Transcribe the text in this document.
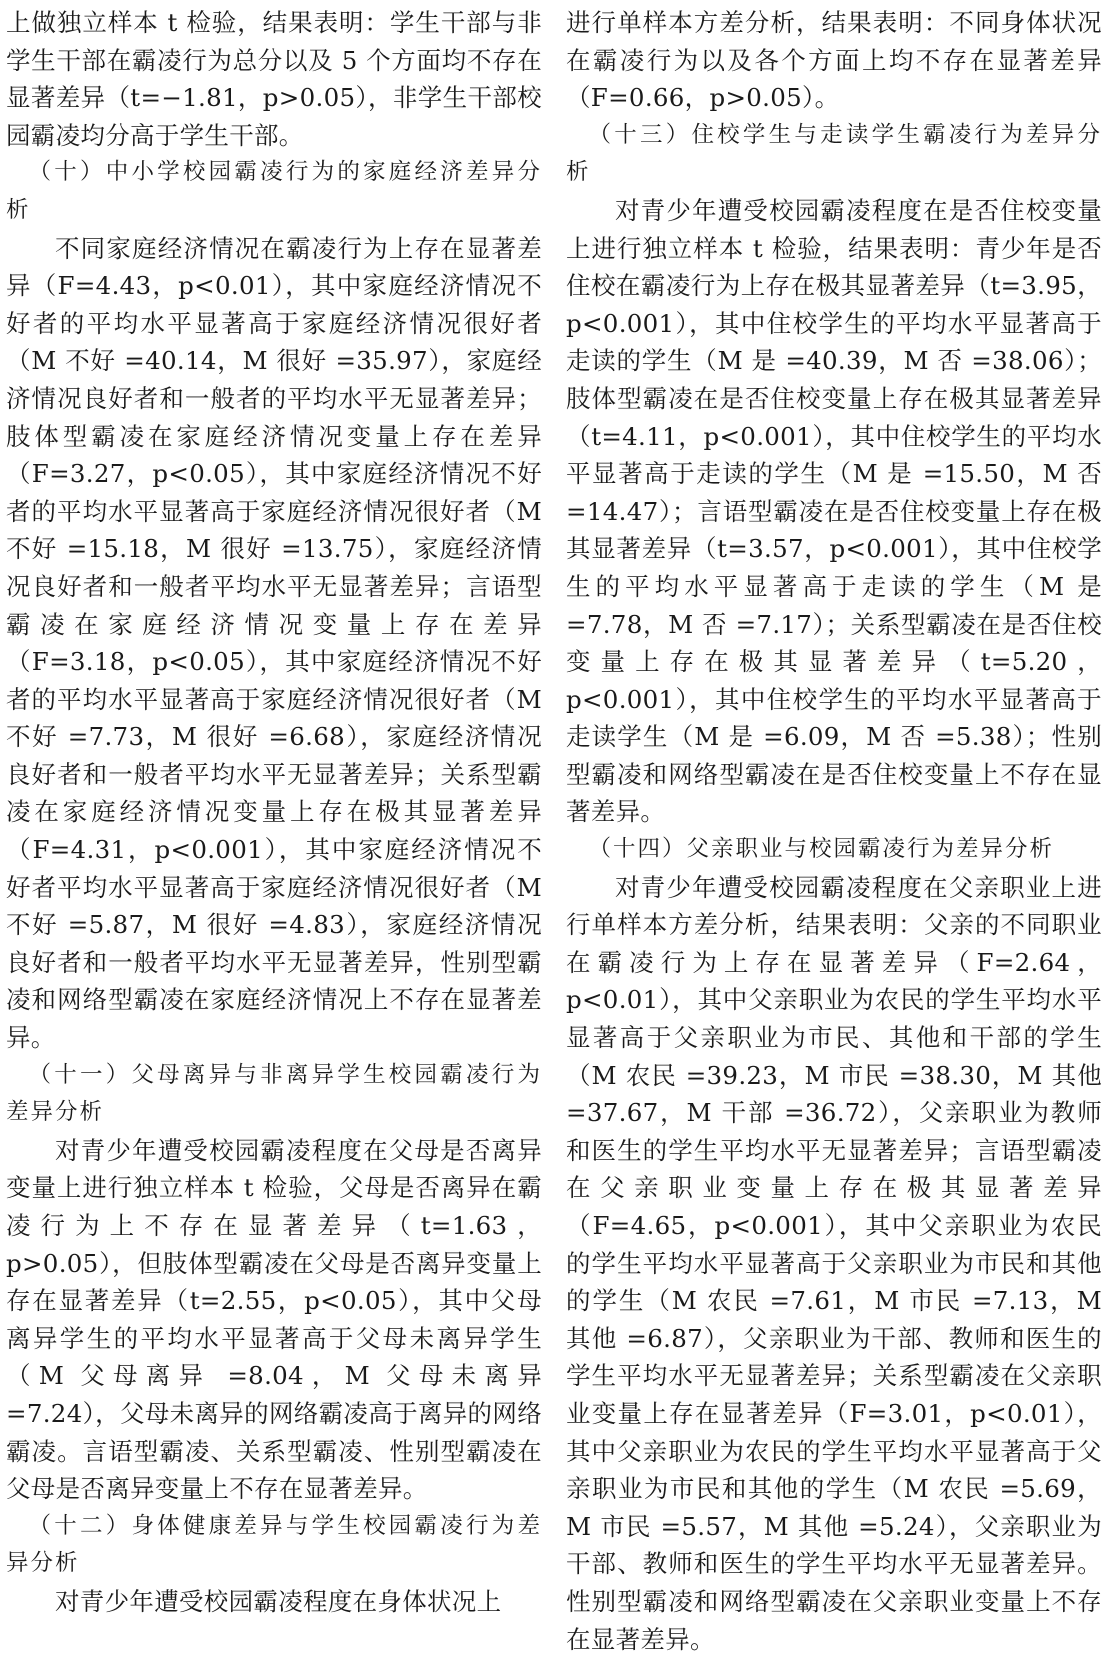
上做独立样本 t 检验，结果表明：学生干部与非学生干部在霸凌行为总分以及 5 个方面均不存在显著差异（t=−1.81，p>0.05），非学生干部校园霸凌均分高于学生干部。

（十）中小学校园霸凌行为的家庭经济差异分析

不同家庭经济情况在霸凌行为上存在显著差异（F=4.43，p<0.01），其中家庭经济情况不好者的平均水平显著高于家庭经济情况很好者（M 不好 =40.14，M 很好 =35.97），家庭经济情况良好者和一般者的平均水平无显著差异；肢体型霸凌在家庭经济情况变量上存在差异（F=3.27，p<0.05），其中家庭经济情况不好者的平均水平显著高于家庭经济情况很好者（M 不好 =15.18，M 很好 =13.75），家庭经济情况良好者和一般者平均水平无显著差异；言语型霸凌在家庭经济情况变量上存在差异（F=3.18，p<0.05），其中家庭经济情况不好者的平均水平显著高于家庭经济情况很好者（M 不好 =7.73，M 很好 =6.68），家庭经济情况良好者和一般者平均水平无显著差异；关系型霸凌在家庭经济情况变量上存在极其显著差异（F=4.31，p<0.001），其中家庭经济情况不好者平均水平显著高于家庭经济情况很好者（M 不好 =5.87，M 很好 =4.83），家庭经济情况良好者和一般者平均水平无显著差异，性别型霸凌和网络型霸凌在家庭经济情况上不存在显著差异。

（十一）父母离异与非离异学生校园霸凌行为差异分析

对青少年遭受校园霸凌程度在父母是否离异变量上进行独立样本 t 检验，父母是否离异在霸凌行为上不存在显著差异（t=1.63，p>0.05），但肢体型霸凌在父母是否离异变量上存在显著差异（t=2.55，p<0.05），其中父母离异学生的平均水平显著高于父母未离异学生（M 父母离异 =8.04，M 父母未离异 =7.24），父母未离异的网络霸凌高于离异的网络霸凌。言语型霸凌、关系型霸凌、性别型霸凌在父母是否离异变量上不存在显著差异。

（十二）身体健康差异与学生校园霸凌行为差异分析

对青少年遭受校园霸凌程度在身体状况上

进行单样本方差分析，结果表明：不同身体状况在霸凌行为以及各个方面上均不存在显著差异（F=0.66，p>0.05）。

（十三）住校学生与走读学生霸凌行为差异分析

对青少年遭受校园霸凌程度在是否住校变量上进行独立样本 t 检验，结果表明：青少年是否住校在霸凌行为上存在极其显著差异（t=3.95，p<0.001），其中住校学生的平均水平显著高于走读的学生（M 是 =40.39，M 否 =38.06）；肢体型霸凌在是否住校变量上存在极其显著差异（t=4.11，p<0.001），其中住校学生的平均水平显著高于走读的学生（M 是 =15.50，M 否 =14.47）；言语型霸凌在是否住校变量上存在极其显著差异（t=3.57，p<0.001），其中住校学生的平均水平显著高于走读的学生（M 是 =7.78，M 否 =7.17）；关系型霸凌在是否住校变量上存在极其显著差异（t=5.20，p<0.001），其中住校学生的平均水平显著高于走读学生（M 是 =6.09，M 否 =5.38）；性别型霸凌和网络型霸凌在是否住校变量上不存在显著差异。

（十四）父亲职业与校园霸凌行为差异分析

对青少年遭受校园霸凌程度在父亲职业上进行单样本方差分析，结果表明：父亲的不同职业在霸凌行为上存在显著差异（F=2.64，p<0.01），其中父亲职业为农民的学生平均水平显著高于父亲职业为市民、其他和干部的学生（M 农民 =39.23，M 市民 =38.30，M 其他 =37.67，M 干部 =36.72），父亲职业为教师和医生的学生平均水平无显著差异；言语型霸凌在父亲职业变量上存在极其显著差异（F=4.65，p<0.001），其中父亲职业为农民的学生平均水平显著高于父亲职业为市民和其他的学生（M 农民 =7.61，M 市民 =7.13，M 其他 =6.87），父亲职业为干部、教师和医生的学生平均水平无显著差异；关系型霸凌在父亲职业变量上存在显著差异（F=3.01，p<0.01），其中父亲职业为农民的学生平均水平显著高于父亲职业为市民和其他的学生（M 农民 =5.69，M 市民 =5.57，M 其他 =5.24），父亲职业为干部、教师和医生的学生平均水平无显著差异。性别型霸凌和网络型霸凌在父亲职业变量上不存在显著差异。
